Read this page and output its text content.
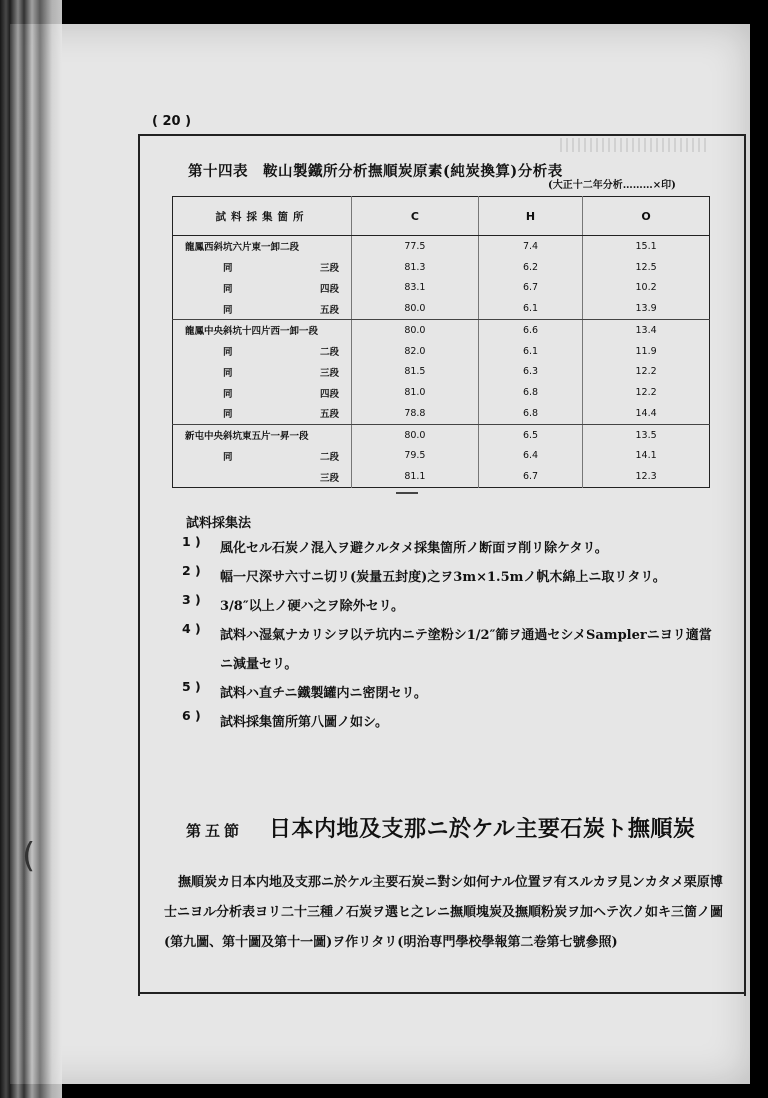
(
( 20 )
第十四表　鞍山製鐵所分析撫順炭原素(純炭換算)分析表
(大正十二年分析………×印)
試料採集箇所	C	H	O

龍鳳西斜坑六片東一卸二段	77.5	7.4	15.1

同 三段	81.3	6.2	12.5

同 四段	83.1	6.7	10.2

同 五段	80.0	6.1	13.9

龍鳳中央斜坑十四片西一卸一段	80.0	6.6	13.4

同 二段	82.0	6.1	11.9

同 三段	81.5	6.3	12.2

同 四段	81.0	6.8	12.2

同 五段	78.8	6.8	14.4

新屯中央斜坑東五片一昇一段	80.0	6.5	13.5

同 二段	79.5	6.4	14.1

三段	81.1	6.7	12.3
試料採集法
1 )	風化セル石炭ノ混入ヲ避クルタメ採集箇所ノ断面ヲ削リ除ケタリ。
2 )	幅一尺深サ六寸ニ切リ(炭量五封度)之ヲ3m×1.5mノ帆木綿上ニ取リタリ。
3 )	3/8″以上ノ硬ハ之ヲ除外セリ。
4 )	試料ハ湿氣ナカリシヲ以テ坑内ニテ塗粉シ1/2″篩ヲ通過セシメSamplerニヨリ適當ニ減量セリ。
5 )	試料ハ直チニ鐵製罐内ニ密閉セリ。
6 )	試料採集箇所第八圖ノ如シ。
第五節 日本内地及支那ニ於ケル主要石炭ト撫順炭

撫順炭カ日本内地及支那ニ於ケル主要石炭ニ對シ如何ナル位置ヲ有スルカヲ見ンカタメ栗原博士ニヨル分析表ヨリ二十三種ノ石炭ヲ選ヒ之レニ撫順塊炭及撫順粉炭ヲ加ヘテ次ノ如キ三箇ノ圖(第九圖、第十圖及第十一圖)ヲ作リタリ(明治専門學校學報第二卷第七號參照)
